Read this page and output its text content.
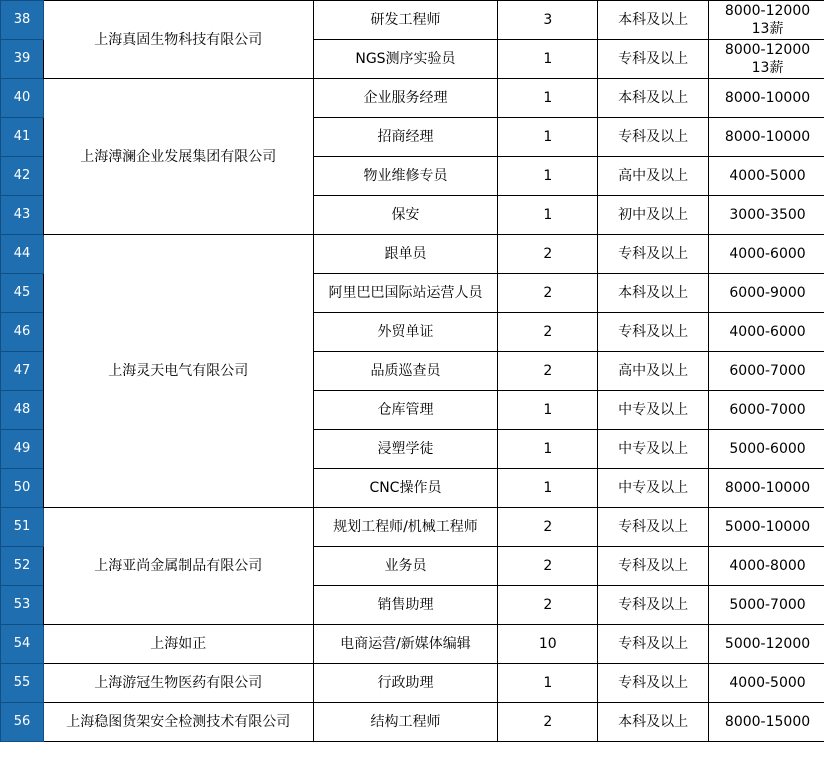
38	上海真固生物科技有限公司	研发工程师	3	本科及以上	8000-12000
13薪

39		NGS测序实验员	1	专科及以上	8000-12000
13薪

40	上海溥澜企业发展集团有限公司	企业服务经理	1	本科及以上	8000-10000

41		招商经理	1	专科及以上	8000-10000

42		物业维修专员	1	高中及以上	4000-5000

43		保安	1	初中及以上	3000-3500

44	上海灵天电气有限公司	跟单员	2	专科及以上	4000-6000

45		阿里巴巴国际站运营人员	2	本科及以上	6000-9000

46		外贸单证	2	专科及以上	4000-6000

47		品质巡查员	2	高中及以上	6000-7000

48		仓库管理	1	中专及以上	6000-7000

49		浸塑学徒	1	中专及以上	5000-6000

50		CNC操作员	1	中专及以上	8000-10000

51	上海亚尚金属制品有限公司	规划工程师/机械工程师	2	专科及以上	5000-10000

52		业务员	2	专科及以上	4000-8000

53		销售助理	2	专科及以上	5000-7000

54	上海如正	电商运营/新媒体编辑	10	专科及以上	5000-12000

55	上海游冠生物医药有限公司	行政助理	1	专科及以上	4000-5000

56	上海稳图货架安全检测技术有限公司	结构工程师	2	本科及以上	8000-15000
